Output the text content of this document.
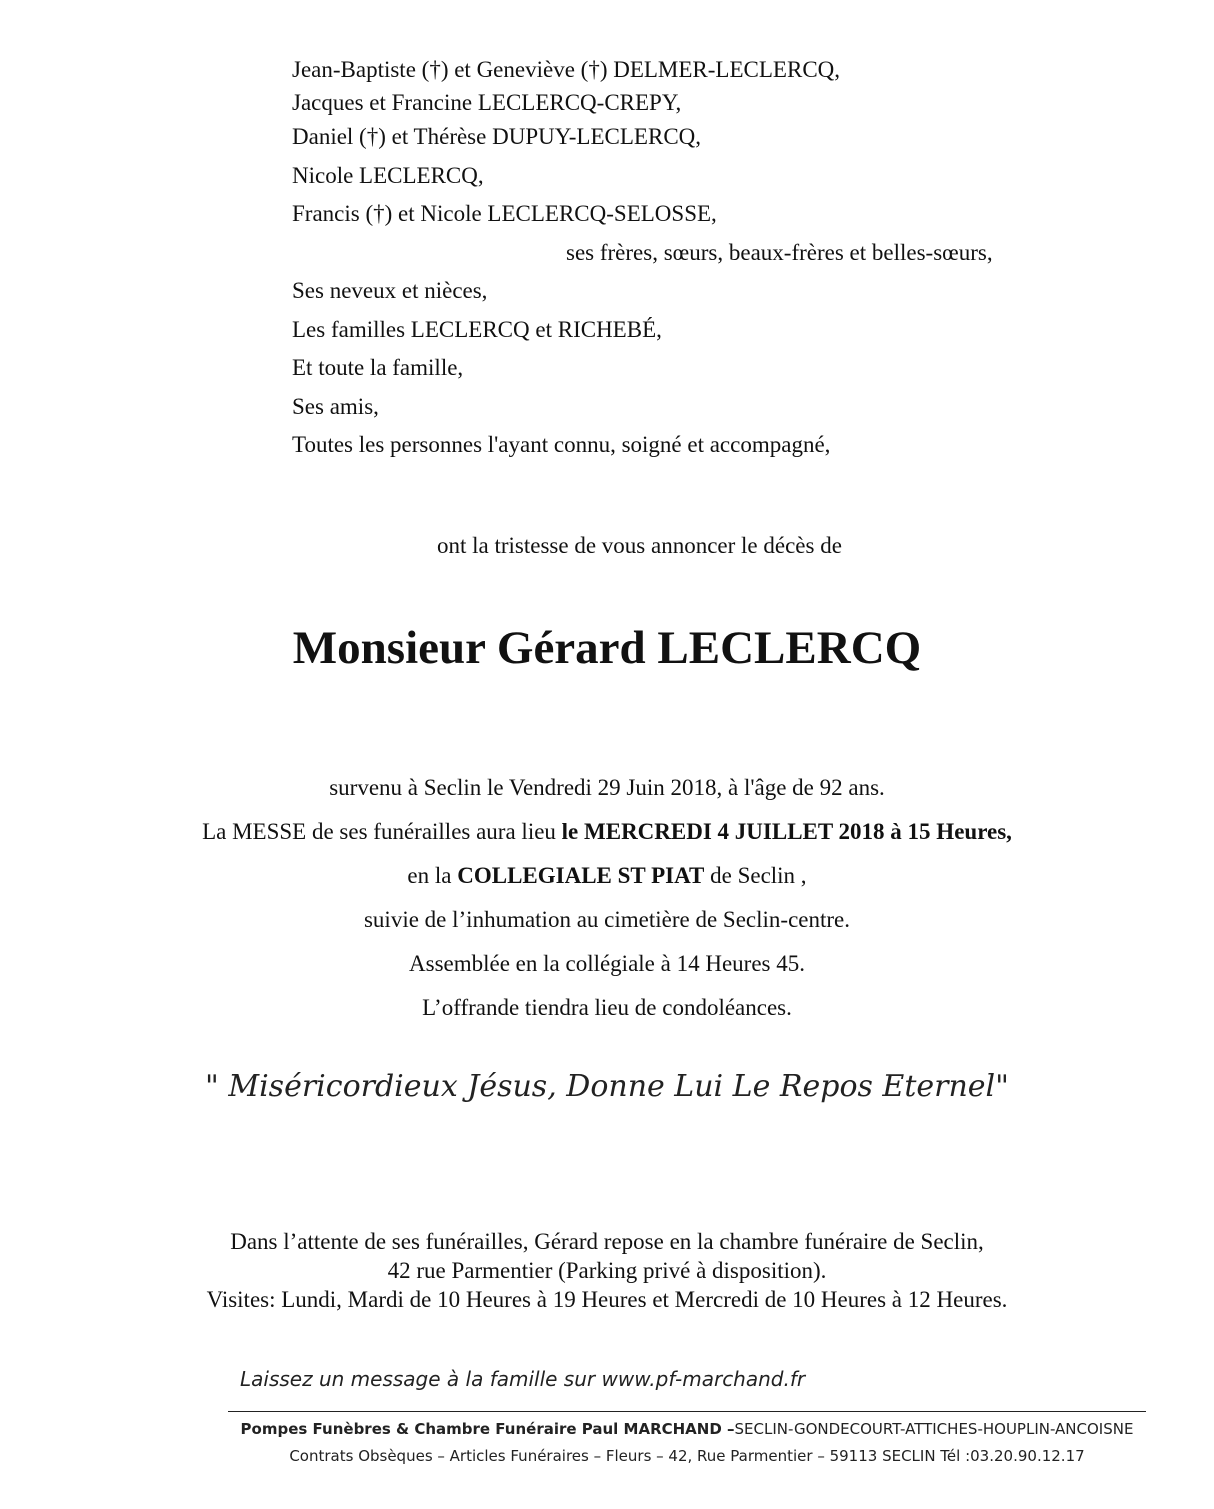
Jean-Baptiste (†) et Geneviève (†) DELMER-LECLERCQ,
Jacques et Francine LECLERCQ-CREPY,
Daniel (†) et Thérèse DUPUY-LECLERCQ,
Nicole LECLERCQ,
Francis (†) et Nicole LECLERCQ-SELOSSE,
ses frères, sœurs, beaux-frères et belles-sœurs,
Ses neveux et nièces,
Les familles LECLERCQ et RICHEBÉ,
Et toute la famille,
Ses amis,
Toutes les personnes l'ayant connu, soigné et accompagné,
ont la tristesse de vous annoncer le décès de
Monsieur Gérard LECLERCQ
survenu à Seclin le Vendredi 29 Juin 2018, à l'âge de 92 ans.
La MESSE de ses funérailles aura lieu le MERCREDI 4 JUILLET 2018 à 15 Heures,
en la COLLEGIALE ST PIAT de Seclin ,
suivie de l’inhumation au cimetière de Seclin-centre.
Assemblée en la collégiale à 14 Heures 45.
L’offrande tiendra lieu de condoléances.
" Miséricordieux Jésus, Donne Lui Le Repos Eternel"
Dans l’attente de ses funérailles, Gérard repose en la chambre funéraire de Seclin,
42 rue Parmentier (Parking privé à disposition).
Visites: Lundi, Mardi de 10 Heures à 19 Heures et Mercredi de 10 Heures à 12 Heures.
Laissez un message à la famille sur www.pf-marchand.fr
Pompes Funèbres & Chambre Funéraire Paul MARCHAND –SECLIN-GONDECOURT-ATTICHES-HOUPLIN-ANCOISNE
Contrats Obsèques – Articles Funéraires – Fleurs – 42, Rue Parmentier – 59113 SECLIN Tél :03.20.90.12.17
